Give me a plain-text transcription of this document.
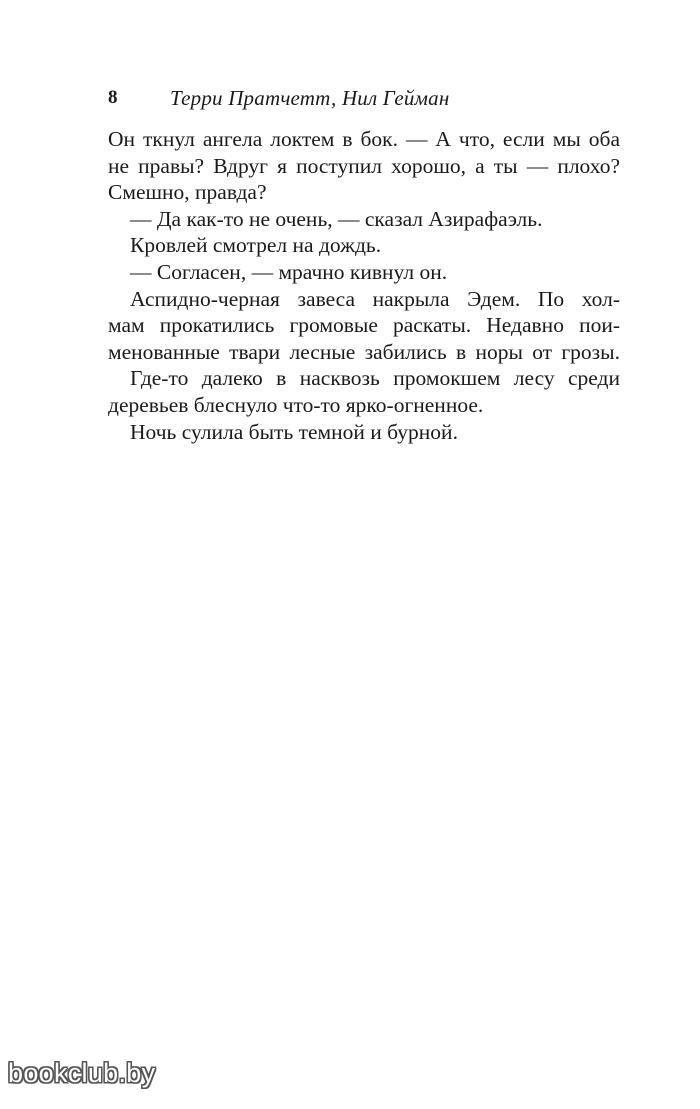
8	Терри Пратчетт, Нил Гейман
Он ткнул ангела локтем в бок. — А что, если мы оба
не правы? Вдруг я поступил хорошо, а ты — плохо?
Смешно, правда?
— Да как-то не очень, — сказал Азирафаэль.
Кровлей смотрел на дождь.
— Согласен, — мрачно кивнул он.
Аспидно-черная завеса накрыла Эдем. По хол-
мам прокатились громовые раскаты. Недавно пои-
менованные твари лесные забились в норы от грозы.
Где-то далеко в насквозь промокшем лесу среди
деревьев блеснуло что-то ярко-огненное.
Ночь сулила быть темной и бурной.
bookclub.by
